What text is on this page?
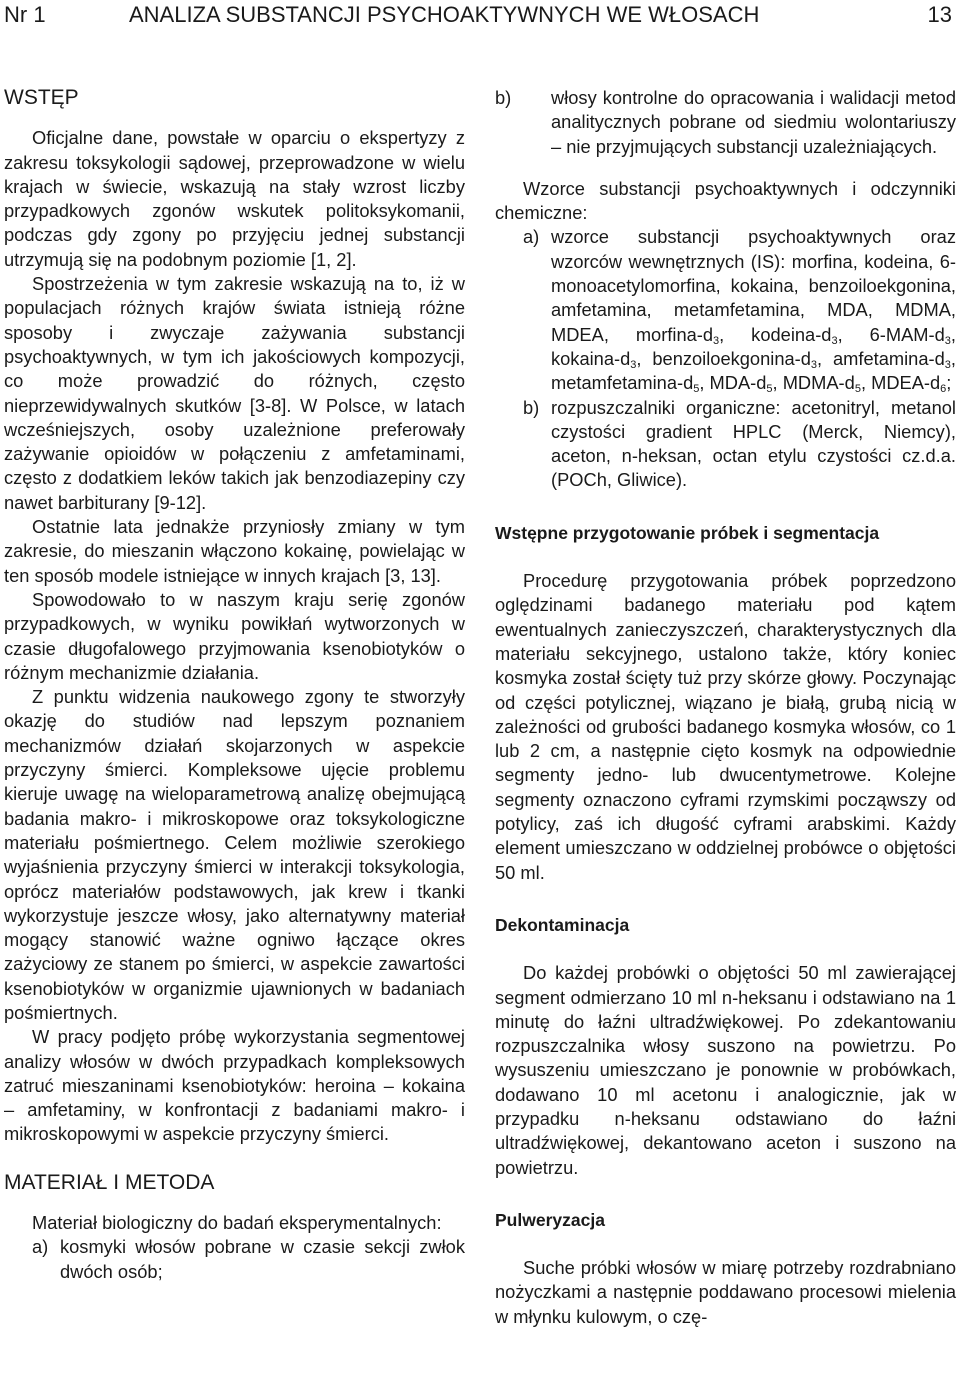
Nr 1	ANALIZA SUBSTANCJI PSYCHOAKTYWNYCH WE WŁOSACH	13
WSTĘP

Oficjalne dane, powstałe w oparciu o ekspertyzy z zakresu toksykologii sądowej, przeprowadzone w wielu krajach w świecie, wskazują na stały wzrost liczby przypadkowych zgonów wskutek politoksykomanii, podczas gdy zgony po przyjęciu jednej substancji utrzymują się na podobnym poziomie [1, 2].

Spostrzeżenia w tym zakresie wskazują na to, iż w populacjach różnych krajów świata istnieją różne sposoby i zwyczaje zażywania substancji psychoaktywnych, w tym ich jakościowych kompozycji, co może prowadzić do różnych, często nieprzewidywalnych skutków [3-8]. W Polsce, w latach wcześniejszych, osoby uzależnione preferowały zażywanie opioidów w połączeniu z amfetaminami, często z dodatkiem leków takich jak benzodiazepiny czy nawet barbiturany [9-12].

Ostatnie lata jednakże przyniosły zmiany w tym zakresie, do mieszanin włączono kokainę, powielając w ten sposób modele istniejące w innych krajach [3, 13].

Spowodowało to w naszym kraju serię zgonów przypadkowych, w wyniku powikłań wytworzonych w czasie długofalowego przyjmowania ksenobiotyków o różnym mechanizmie działania.

Z punktu widzenia naukowego zgony te stworzyły okazję do studiów nad lepszym poznaniem mechanizmów działań skojarzonych w aspekcie przyczyny śmierci. Kompleksowe ujęcie problemu kieruje uwagę na wieloparametrową analizę obejmującą badania makro- i mikroskopowe oraz toksykologiczne materiału pośmiertnego. Celem możliwie szerokiego wyjaśnienia przyczyny śmierci w interakcji toksykologia, oprócz materiałów podstawowych, jak krew i tkanki wykorzystuje jeszcze włosy, jako alternatywny materiał mogący stanowić ważne ogniwo łączące okres zażyciowy ze stanem po śmierci, w aspekcie zawartości ksenobiotyków w organizmie ujawnionych w badaniach pośmiertnych.

W pracy podjęto próbę wykorzystania segmentowej analizy włosów w dwóch przypadkach kompleksowych zatruć mieszaninami ksenobiotyków: heroina – kokaina – amfetaminy, w konfrontacji z badaniami makro- i mikroskopowymi w aspekcie przyczyny śmierci.

MATERIAŁ I METODA

Materiał biologiczny do badań eksperymentalnych:

a) kosmyki włosów pobrane w czasie sekcji zwłok dwóch osób;
b) włosy kontrolne do opracowania i walidacji metod analitycznych pobrane od siedmiu wolontariuszy – nie przyjmujących substancji uzależniających.

Wzorce substancji psychoaktywnych i odczynniki chemiczne:

a) wzorce substancji psychoaktywnych oraz wzorców wewnętrznych (IS): morfina, kodeina, 6-monoacetylomorfina, kokaina, benzoiloekgonina, amfetamina, metamfetamina, MDA, MDMA, MDEA, morfina-$d_3$, kodeina-$d_3$, $6-MAM-d_3$, kokaina-$d_3$, benzoiloekgonina-$d_3$, amfetamina-$d_3$, metamfetamina-$d_5$, MDA-$d_5$, MDMA-$d_5$, MDEA-$d_6$;
b) rozpuszczalniki organiczne: acetonitryl, metanol czystości gradient HPLC (Merck, Niemcy), aceton, n-heksan, octan etylu czystości cz.d.a. (POCh, Gliwice).

Wstępne przygotowanie próbek i segmentacja

Procedurę przygotowania próbek poprzedzono oględzinami badanego materiału pod kątem ewentualnych zanieczyszczeń, charakterystycznych dla materiału sekcyjnego, ustalono także, który koniec kosmyka został ścięty tuż przy skórze głowy. Poczynając od części potylicznej, wiązano je białą, grubą nicią w zależności od grubości badanego kosmyka włosów, co 1 lub 2 cm, a następnie cięto kosmyk na odpowiednie segmenty jedno- lub dwucentymetrowe. Kolejne segmenty oznaczono cyframi rzymskimi począwszy od potylicy, zaś ich długość cyframi arabskimi. Każdy element umieszczano w oddzielnej probówce o objętości 50 ml.

Dekontaminacja

Do każdej probówki o objętości 50 ml zawierającej segment odmierzano 10 ml n-heksanu i odstawiano na 1 minutę do łaźni ultradźwiękowej. Po zdekantowaniu rozpuszczalnika włosy suszono na powietrzu. Po wysuszeniu umieszczano je ponownie w probówkach, dodawano 10 ml acetonu i analogicznie, jak w przypadku n-heksanu odstawiano do łaźni ultradźwiękowej, dekantowano aceton i suszono na powietrzu.

Pulweryzacja

Suche próbki włosów w miarę potrzeby rozdrabniano nożyczkami a następnie poddawano procesowi mielenia w młynku kulowym, o czę-
